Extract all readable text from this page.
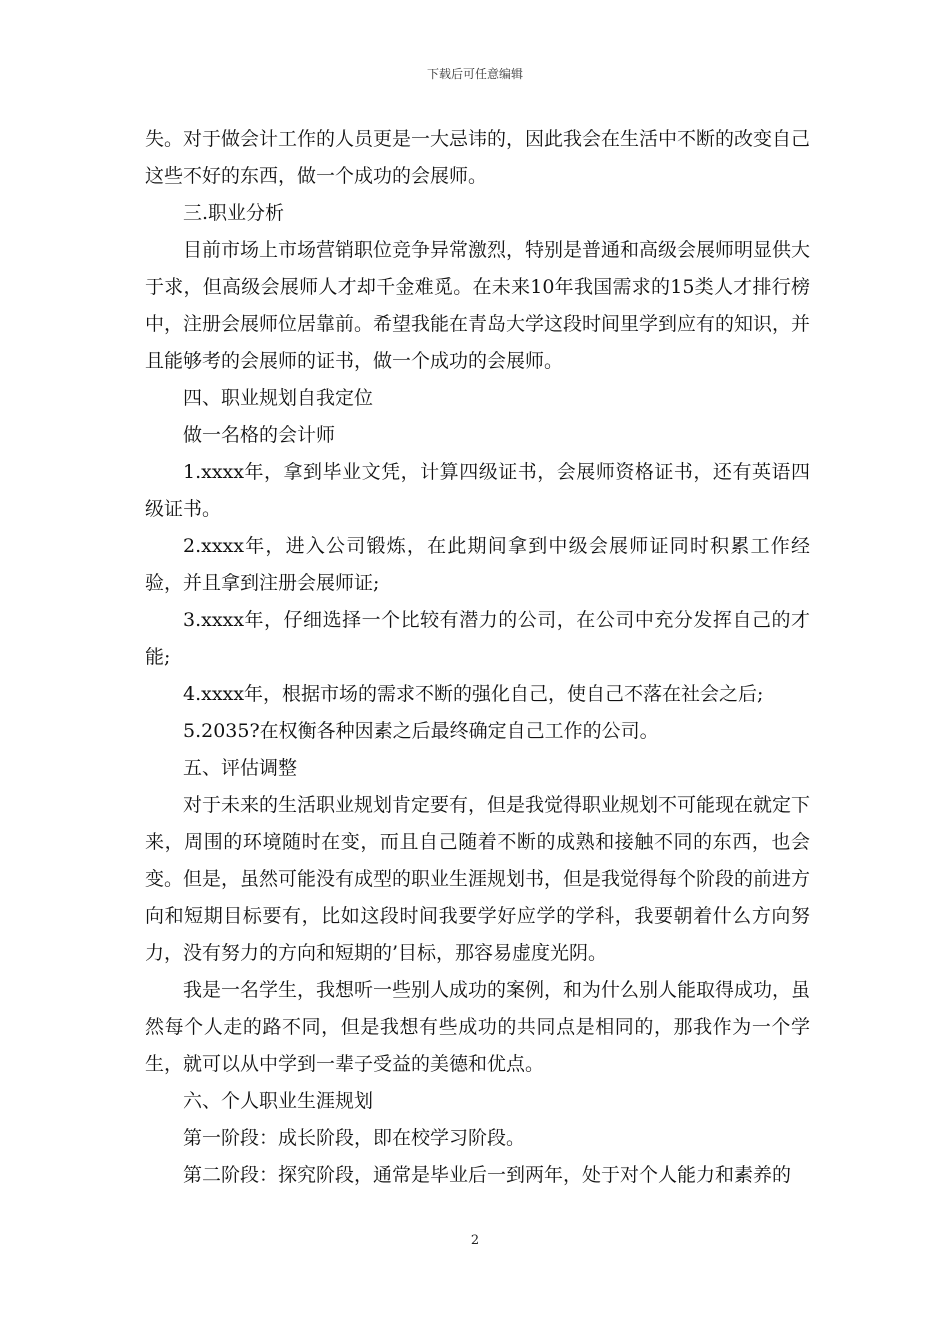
下载后可任意编辑

失。对于做会计工作的人员更是一大忌讳的，因此我会在生活中不断的改变自己这些不好的东西，做一个成功的会展师。

三.职业分析

目前市场上市场营销职位竞争异常激烈，特别是普通和高级会展师明显供大于求，但高级会展师人才却千金难觅。在未来10年我国需求的15类人才排行榜中，注册会展师位居靠前。希望我能在青岛大学这段时间里学到应有的知识，并且能够考的会展师的证书，做一个成功的会展师。

四、职业规划自我定位

做一名格的会计师

1.xxxx年，拿到毕业文凭，计算四级证书，会展师资格证书，还有英语四级证书。

2.xxxx年，进入公司锻炼，在此期间拿到中级会展师证同时积累工作经验，并且拿到注册会展师证;

3.xxxx年，仔细选择一个比较有潜力的公司，在公司中充分发挥自己的才能;

4.xxxx年，根据市场的需求不断的强化自己，使自己不落在社会之后;

5.2035?在权衡各种因素之后最终确定自己工作的公司。

五、评估调整

对于未来的生活职业规划肯定要有，但是我觉得职业规划不可能现在就定下来，周围的环境随时在变，而且自己随着不断的成熟和接触不同的东西，也会变。但是，虽然可能没有成型的职业生涯规划书，但是我觉得每个阶段的前进方向和短期目标要有，比如这段时间我要学好应学的学科，我要朝着什么方向努力，没有努力的方向和短期的’目标，那容易虚度光阴。

我是一名学生，我想听一些别人成功的案例，和为什么别人能取得成功，虽然每个人走的路不同，但是我想有些成功的共同点是相同的，那我作为一个学生，就可以从中学到一辈子受益的美德和优点。

六、个人职业生涯规划

第一阶段：成长阶段，即在校学习阶段。

第二阶段：探究阶段，通常是毕业后一到两年，处于对个人能力和素养的

2
